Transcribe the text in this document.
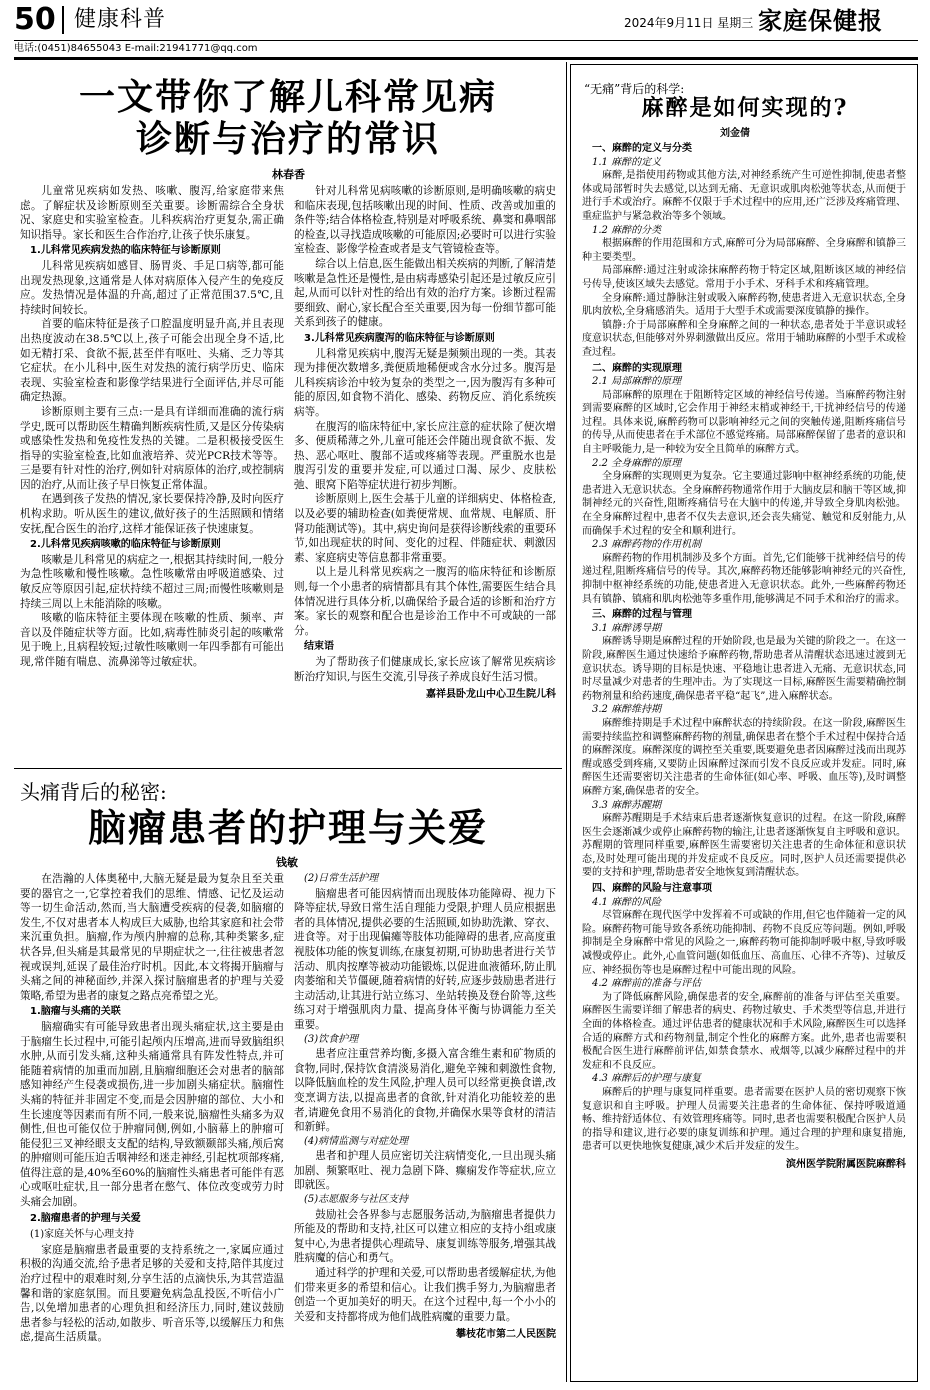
50 健康科普	2024年9月11日 星期三 家庭保健报
电话:(0451)84655043 E-mail:21941771@qq.com
一文带你了解儿科常见病
诊断与治疗的常识
林春香

儿童常见疾病如发热、咳嗽、腹泻,给家庭带来焦虑。了解症状及诊断原则至关重要。诊断需综合全身状况、家庭史和实验室检查。儿科疾病治疗更复杂,需正确知识指导。家长和医生合作治疗,让孩子快乐康复。

1.儿科常见疾病发热的临床特征与诊断原则

儿科常见疾病如感冒、肠胃炎、手足口病等,都可能出现发热现象,这通常是人体对病原体入侵产生的免疫反应。发热情况是体温的升高,超过了正常范围37.5℃,且持续时间较长。

首要的临床特征是孩子口腔温度明显升高,并且表现出热度波动在38.5℃以上,孩子可能会出现全身不适,比如无精打采、食欲不振,甚至伴有呕吐、头痛、乏力等其它症状。在小儿科中,医生对发热的流行病学历史、临床表现、实验室检查和影像学结果进行全面评估,并尽可能确定热源。

诊断原则主要有三点:一是具有详细而准确的流行病学史,既可以帮助医生精确判断疾病性质,又是区分传染病或感染性发热和免疫性发热的关键。二是积极接受医生指导的实验室检查,比如血液培养、荧光PCR技术等等。三是要有针对性的治疗,例如针对病原体的治疗,或控制病因的治疗,从而让孩子早日恢复正常体温。

在遇到孩子发热的情况,家长要保持冷静,及时向医疗机构求助。听从医生的建议,做好孩子的生活照顾和情绪安抚,配合医生的治疗,这样才能保证孩子快速康复。

2.儿科常见疾病咳嗽的临床特征与诊断原则

咳嗽是儿科常见的病症之一,根据其持续时间,一般分为急性咳嗽和慢性咳嗽。急性咳嗽常由呼吸道感染、过敏反应等原因引起,症状持续不超过三周;而慢性咳嗽则是持续三周以上未能消除的咳嗽。

咳嗽的临床特征主要体现在咳嗽的性质、频率、声音以及伴随症状等方面。比如,病毒性肺炎引起的咳嗽常见于晚上,且病程较短;过敏性咳嗽则一年四季都有可能出现,常伴随有喘息、流鼻涕等过敏症状。

针对儿科常见病咳嗽的诊断原则,是明确咳嗽的病史和临床表现,包括咳嗽出现的时间、性质、改善或加重的条件等;结合体格检查,特别是对呼吸系统、鼻窦和鼻咽部的检查,以寻找造成咳嗽的可能原因;必要时可以进行实验室检查、影像学检查或者是支气管镜检查等。

综合以上信息,医生能做出相关疾病的判断,了解清楚咳嗽是急性还是慢性,是由病毒感染引起还是过敏反应引起,从而可以针对性的给出有效的治疗方案。诊断过程需要细致、耐心,家长配合至关重要,因为每一份细节都可能关系到孩子的健康。

3.儿科常见疾病腹泻的临床特征与诊断原则

儿科常见疾病中,腹泻无疑是频频出现的一类。其表现为排便次数增多,粪便质地稀便或含水分过多。腹泻是儿科疾病诊治中较为复杂的类型之一,因为腹泻有多种可能的原因,如食物不消化、感染、药物反应、消化系统疾病等。

在腹泻的临床特征中,家长应注意的症状除了便次增多、便质稀薄之外,儿童可能还会伴随出现食欲不振、发热、恶心呕吐、腹部不适或疼痛等表现。严重脱水也是腹泻引发的重要并发症,可以通过口渴、尿少、皮肤松弛、眼窝下陷等症状进行初步判断。

诊断原则上,医生会基于儿童的详细病史、体格检查,以及必要的辅助检查(如粪便常规、血常规、电解质、肝肾功能测试等)。其中,病史询问是获得诊断线索的重要环节,如出现症状的时间、变化的过程、伴随症状、刺激因素、家庭病史等信息都非常重要。

以上是儿科常见疾病之一腹泻的临床特征和诊断原则,每一个小患者的病情都具有其个体性,需要医生结合具体情况进行具体分析,以确保给予最合适的诊断和治疗方案。家长的观察和配合也是诊治工作中不可或缺的一部分。

结束语

为了帮助孩子们健康成长,家长应该了解常见疾病诊断治疗知识,与医生交流,引导孩子养成良好生活习惯。

嘉祥县卧龙山中心卫生院儿科

头痛背后的秘密:
脑瘤患者的护理与关爱
钱敏

在浩瀚的人体奥秘中,大脑无疑是最为复杂且至关重要的器官之一,它掌控着我们的思维、情感、记忆及运动等一切生命活动,然而,当大脑遭受疾病的侵袭,如脑瘤的发生,不仅对患者本人构成巨大威胁,也给其家庭和社会带来沉重负担。脑瘤,作为颅内肿瘤的总称,其种类繁多,症状各异,但头痛是其最常见的早期症状之一,往往被患者忽视或误判,延误了最佳治疗时机。因此,本文将揭开脑瘤与头痛之间的神秘面纱,并深入探讨脑瘤患者的护理与关爱策略,希望为患者的康复之路点亮希望之光。

1.脑瘤与头痛的关联

脑瘤确实有可能导致患者出现头痛症状,这主要是由于脑瘤生长过程中,可能引起颅内压增高,进而导致脑组织水肿,从而引发头痛,这种头痛通常具有阵发性特点,并可能随着病情的加重而加剧,且脑瘤细胞还会对患者的脑部感知神经产生侵袭或损伤,进一步加剧头痛症状。脑瘤性头痛的特征并非固定不变,而是会因肿瘤的部位、大小和生长速度等因素而有所不同,一般来说,脑瘤性头痛多为双侧性,但也可能仅位于肿瘤同侧,例如,小脑幕上的肿瘤可能侵犯三叉神经眼支支配的结构,导致额颞部头痛,颅后窝的肿瘤则可能压迫舌咽神经和迷走神经,引起枕项部疼痛,值得注意的是,40%至60%的脑瘤性头痛患者可能伴有恶心或呕吐症状,且一部分患者在憋气、体位改变或劳力时头痛会加剧。

2.脑瘤患者的护理与关爱

(1)家庭关怀与心理支持

家庭是脑瘤患者最重要的支持系统之一,家属应通过积极的沟通交流,给予患者足够的关爱和支持,陪伴其度过治疗过程中的艰难时刻,分享生活的点滴快乐,为其营造温馨和谐的家庭氛围。而且要避免病急乱投医,不听信小广告,以免增加患者的心理负担和经济压力,同时,建议鼓励患者参与轻松的活动,如散步、听音乐等,以缓解压力和焦虑,提高生活质量。

(2)日常生活护理

脑瘤患者可能因病情而出现肢体功能障碍、视力下降等症状,导致日常生活自理能力受限,护理人员应根据患者的具体情况,提供必要的生活照顾,如协助洗漱、穿衣、进食等。对于出现偏瘫等肢体功能障碍的患者,应高度重视肢体功能的恢复训练,在康复初期,可协助患者进行关节活动、肌肉按摩等被动功能锻炼,以促进血液循环,防止肌肉萎缩和关节僵硬,随着病情的好转,应逐步鼓励患者进行主动活动,让其进行站立练习、坐站转换及登台阶等,这些练习对于增强肌肉力量、提高身体平衡与协调能力至关重要。

(3)饮食护理

患者应注重营养均衡,多摄入富含维生素和矿物质的食物,同时,保持饮食清淡易消化,避免辛辣和刺激性食物,以降低脑血栓的发生风险,护理人员可以经常更换食谱,改变烹调方法,以提高患者的食欲,针对消化功能较差的患者,请避免食用不易消化的食物,并确保水果等食材的清洁和新鲜。

(4)病情监测与对症处理

患者和护理人员应密切关注病情变化,一旦出现头痛加剧、频繁呕吐、视力急剧下降、癫痫发作等症状,应立即就医。

(5)志愿服务与社区支持

鼓励社会各界参与志愿服务活动,为脑瘤患者提供力所能及的帮助和支持,社区可以建立相应的支持小组或康复中心,为患者提供心理疏导、康复训练等服务,增强其战胜病魔的信心和勇气。

通过科学的护理和关爱,可以帮助患者缓解症状,为他们带来更多的希望和信心。让我们携手努力,为脑瘤患者创造一个更加美好的明天。在这个过程中,每一个小小的关爱和支持都将成为他们战胜病魔的重要力量。

攀枝花市第二人民医院

“无痛”背后的科学:
麻醉是如何实现的?
刘金倩

一、麻醉的定义与分类

1.1 麻醉的定义

麻醉,是指使用药物或其他方法,对神经系统产生可逆性抑制,使患者整体或局部暂时失去感觉,以达到无痛、无意识或肌肉松弛等状态,从而便于进行手术或治疗。麻醉不仅限于手术过程中的应用,还广泛涉及疼痛管理、重症监护与紧急救治等多个领域。

1.2 麻醉的分类

根据麻醉的作用范围和方式,麻醉可分为局部麻醉、全身麻醉和镇静三种主要类型。

局部麻醉:通过注射或涂抹麻醉药物于特定区域,阻断该区域的神经信号传导,使该区域失去感觉。常用于小手术、牙科手术和疼痛管理。

全身麻醉:通过静脉注射或吸入麻醉药物,使患者进入无意识状态,全身肌肉放松,全身痛感消失。适用于大型手术或需要深度镇静的操作。

镇静:介于局部麻醉和全身麻醉之间的一种状态,患者处于半意识或轻度意识状态,但能够对外界刺激做出反应。常用于辅助麻醉的小型手术或检查过程。

二、麻醉的实现原理

2.1 局部麻醉的原理

局部麻醉的原理在于阻断特定区域的神经信号传递。当麻醉药物注射到需要麻醉的区域时,它会作用于神经末梢或神经干,干扰神经信号的传递过程。具体来说,麻醉药物可以影响神经元之间的突触传递,阻断疼痛信号的传导,从而使患者在手术部位不感觉疼痛。局部麻醉保留了患者的意识和自主呼吸能力,是一种较为安全且简单的麻醉方式。

2.2 全身麻醉的原理

全身麻醉的实现则更为复杂。它主要通过影响中枢神经系统的功能,使患者进入无意识状态。全身麻醉药物通常作用于大脑皮层和脑干等区域,抑制神经元的兴奋性,阻断疼痛信号在大脑中的传递,并导致全身肌肉松弛。在全身麻醉过程中,患者不仅失去意识,还会丧失痛觉、触觉和反射能力,从而确保手术过程的安全和顺利进行。

2.3 麻醉药物的作用机制

麻醉药物的作用机制涉及多个方面。首先,它们能够干扰神经信号的传递过程,阻断疼痛信号的传导。其次,麻醉药物还能够影响神经元的兴奋性,抑制中枢神经系统的功能,使患者进入无意识状态。此外,一些麻醉药物还具有镇静、镇痛和肌肉松弛等多重作用,能够满足不同手术和治疗的需求。

三、麻醉的过程与管理

3.1 麻醉诱导期

麻醉诱导期是麻醉过程的开始阶段,也是最为关键的阶段之一。在这一阶段,麻醉医生通过快速给予麻醉药物,帮助患者从清醒状态迅速过渡到无意识状态。诱导期的目标是快速、平稳地让患者进入无痛、无意识状态,同时尽量减少对患者的生理冲击。为了实现这一目标,麻醉医生需要精确控制药物剂量和给药速度,确保患者平稳“起飞”,进入麻醉状态。

3.2 麻醉维持期

麻醉维持期是手术过程中麻醉状态的持续阶段。在这一阶段,麻醉医生需要持续监控和调整麻醉药物的剂量,确保患者在整个手术过程中保持合适的麻醉深度。麻醉深度的调控至关重要,既要避免患者因麻醉过浅而出现苏醒或感受到疼痛,又要防止因麻醉过深而引发不良反应或并发症。同时,麻醉医生还需要密切关注患者的生命体征(如心率、呼吸、血压等),及时调整麻醉方案,确保患者的安全。

3.3 麻醉苏醒期

麻醉苏醒期是手术结束后患者逐渐恢复意识的过程。在这一阶段,麻醉医生会逐渐减少或停止麻醉药物的输注,让患者逐渐恢复自主呼吸和意识。苏醒期的管理同样重要,麻醉医生需要密切关注患者的生命体征和意识状态,及时处理可能出现的并发症或不良反应。同时,医护人员还需要提供必要的支持和护理,帮助患者安全地恢复到清醒状态。

四、麻醉的风险与注意事项

4.1 麻醉的风险

尽管麻醉在现代医学中发挥着不可或缺的作用,但它也伴随着一定的风险。麻醉药物可能导致各系统功能抑制、药物不良反应等问题。例如,呼吸抑制是全身麻醉中常见的风险之一,麻醉药物可能抑制呼吸中枢,导致呼吸减慢或停止。此外,心血管问题(如低血压、高血压、心律不齐等)、过敏反应、神经损伤等也是麻醉过程中可能出现的风险。

4.2 麻醉前的准备与评估

为了降低麻醉风险,确保患者的安全,麻醉前的准备与评估至关重要。麻醉医生需要详细了解患者的病史、药物过敏史、手术类型等信息,并进行全面的体格检查。通过评估患者的健康状况和手术风险,麻醉医生可以选择合适的麻醉方式和药物剂量,制定个性化的麻醉方案。此外,患者也需要积极配合医生进行麻醉前评估,如禁食禁水、戒烟等,以减少麻醉过程中的并发症和不良反应。

4.3 麻醉后的护理与康复

麻醉后的护理与康复同样重要。患者需要在医护人员的密切观察下恢复意识和自主呼吸。护理人员需要关注患者的生命体征、保持呼吸道通畅、维持舒适体位、有效管理疼痛等。同时,患者也需要积极配合医护人员的指导和建议,进行必要的康复训练和护理。通过合理的护理和康复措施,患者可以更快地恢复健康,减少术后并发症的发生。

滨州医学院附属医院麻醉科
